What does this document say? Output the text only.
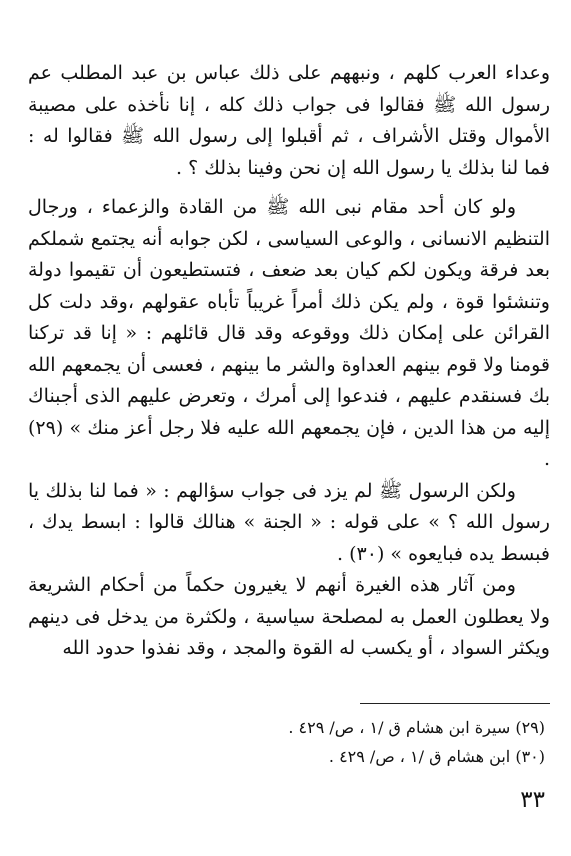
وعداء العرب كلهم ، ونبههم على ذلك عباس بن عبد المطلب عم رسول الله ﷺ فقالوا فى جواب ذلك كله ، إنا نأخذه على مصيبة الأموال وقتل الأشراف ، ثم أقبلوا إلى رسول الله ﷺ فقالوا له : فما لنا بذلك يا رسول الله إن نحن وفينا بذلك ؟ .

ولو كان أحد مقام نبى الله ﷺ من القادة والزعماء ، ورجال التنظيم الانسانى ، والوعى السياسى ، لكن جوابه أنه يجتمع شملكم بعد فرقة ويكون لكم كيان بعد ضعف ، فتستطيعون أن تقيموا دولة وتنشئوا قوة ، ولم يكن ذلك أمراً غريباً تأباه عقولهم ،وقد دلت كل القرائن على إمكان ذلك ووقوعه وقد قال قائلهم : « إنا قد تركنا قومنا ولا قوم بينهم العداوة والشر ما بينهم ، فعسى أن يجمعهم الله بك فسنقدم عليهم ، فندعوا إلى أمرك ، وتعرض عليهم الذى أجبناك إليه من هذا الدين ، فإن يجمعهم الله عليه فلا رجل أعز منك » (٢٩) .

ولكن الرسول ﷺ لم يزد فى جواب سؤالهم : « فما لنا بذلك يا رسول الله ؟ » على قوله : « الجنة » هنالك قالوا : ابسط يدك ، فبسط يده فبايعوه » (٣٠) .

ومن آثار هذه الغيرة أنهم لا يغيرون حكماً من أحكام الشريعة ولا يعطلون العمل به لمصلحة سياسية ، ولكثرة من يدخل فى دينهم ويكثر السواد ، أو يكسب له القوة والمجد ، وقد نفذوا حدود الله

(٢٩) سيرة ابن هشام ق /١ ، ص/ ٤٢٩ .

(٣٠) ابن هشام ق /١ ، ص/ ٤٢٩ .

٣٣
